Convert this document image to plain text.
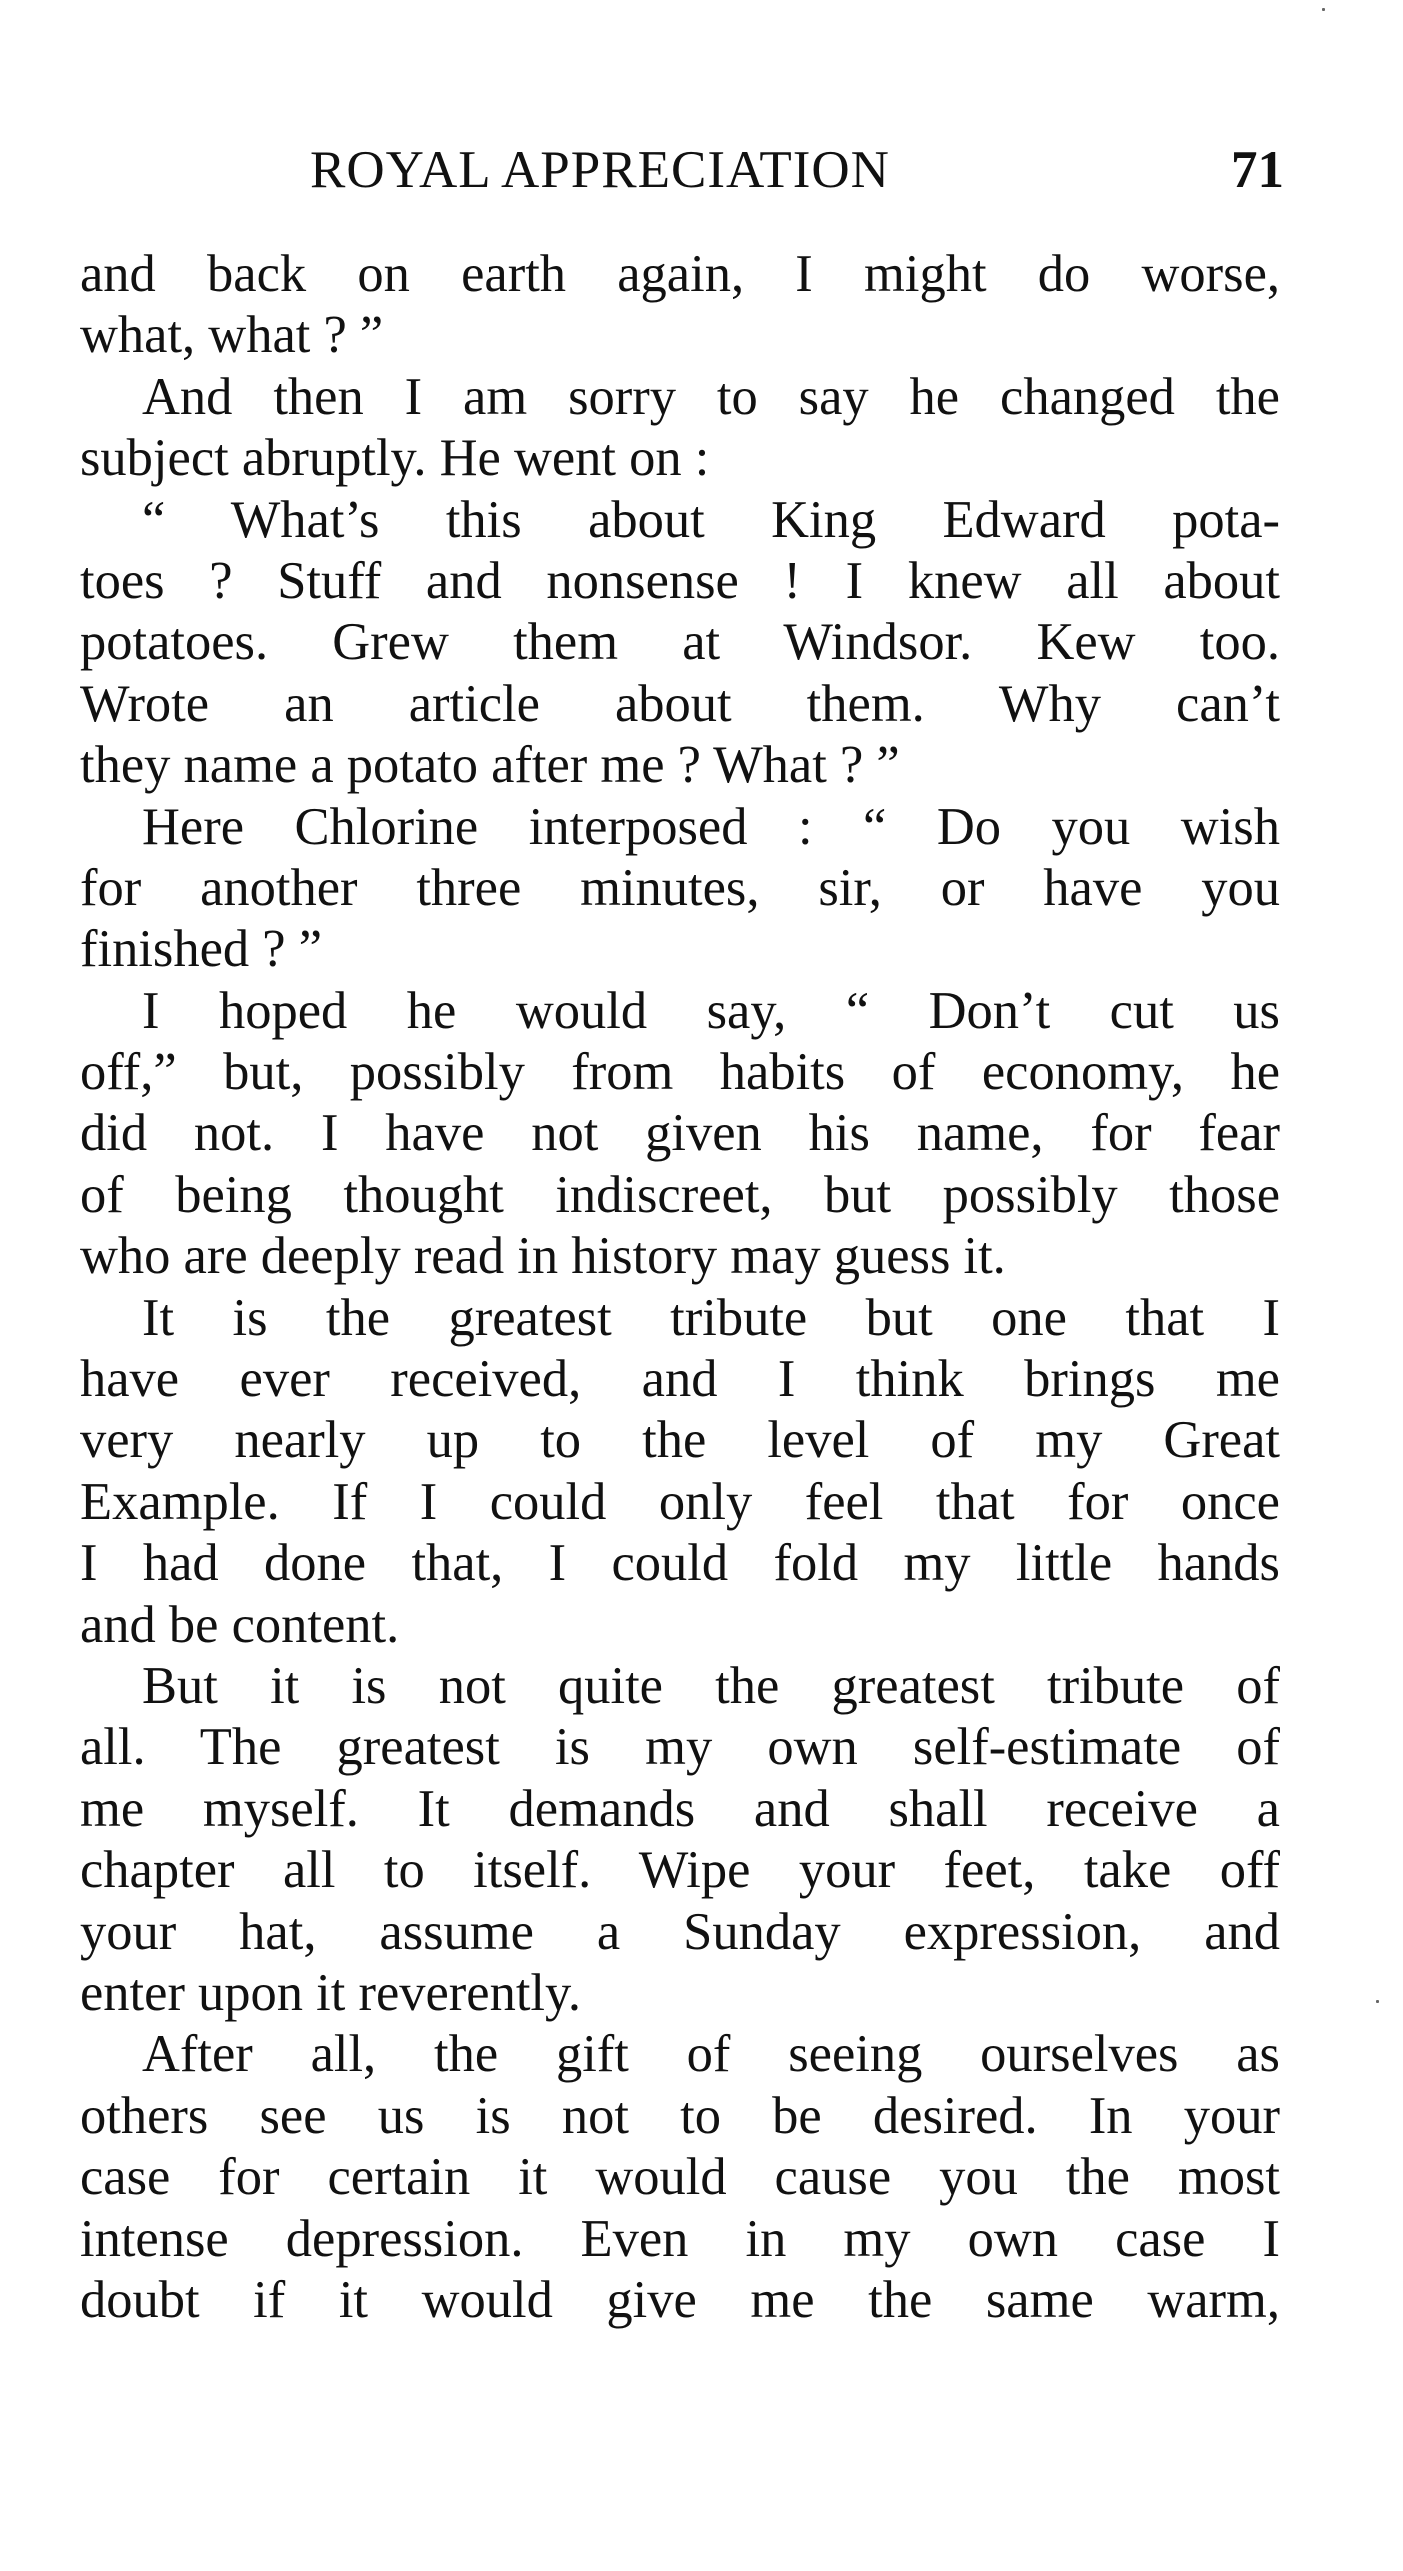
ROYAL APPRECIATION	71
and back on earth again, I might do worse,
what, what ? ”
And then I am sorry to say he changed the
subject abruptly. He went on :
“ What’s this about King Edward pota-
toes ? Stuff and nonsense ! I knew all about
potatoes. Grew them at Windsor. Kew too.
Wrote an article about them. Why can’t
they name a potato after me ? What ? ”
Here Chlorine interposed : “ Do you wish
for another three minutes, sir, or have you
finished ? ”
I hoped he would say, “ Don’t cut us
off,” but, possibly from habits of economy, he
did not. I have not given his name, for fear
of being thought indiscreet, but possibly those
who are deeply read in history may guess it.
It is the greatest tribute but one that I
have ever received, and I think brings me
very nearly up to the level of my Great
Example. If I could only feel that for once
I had done that, I could fold my little hands
and be content.
But it is not quite the greatest tribute of
all. The greatest is my own self-estimate of
me myself. It demands and shall receive a
chapter all to itself. Wipe your feet, take off
your hat, assume a Sunday expression, and
enter upon it reverently.
After all, the gift of seeing ourselves as
others see us is not to be desired. In your
case for certain it would cause you the most
intense depression. Even in my own case I
doubt if it would give me the same warm,
